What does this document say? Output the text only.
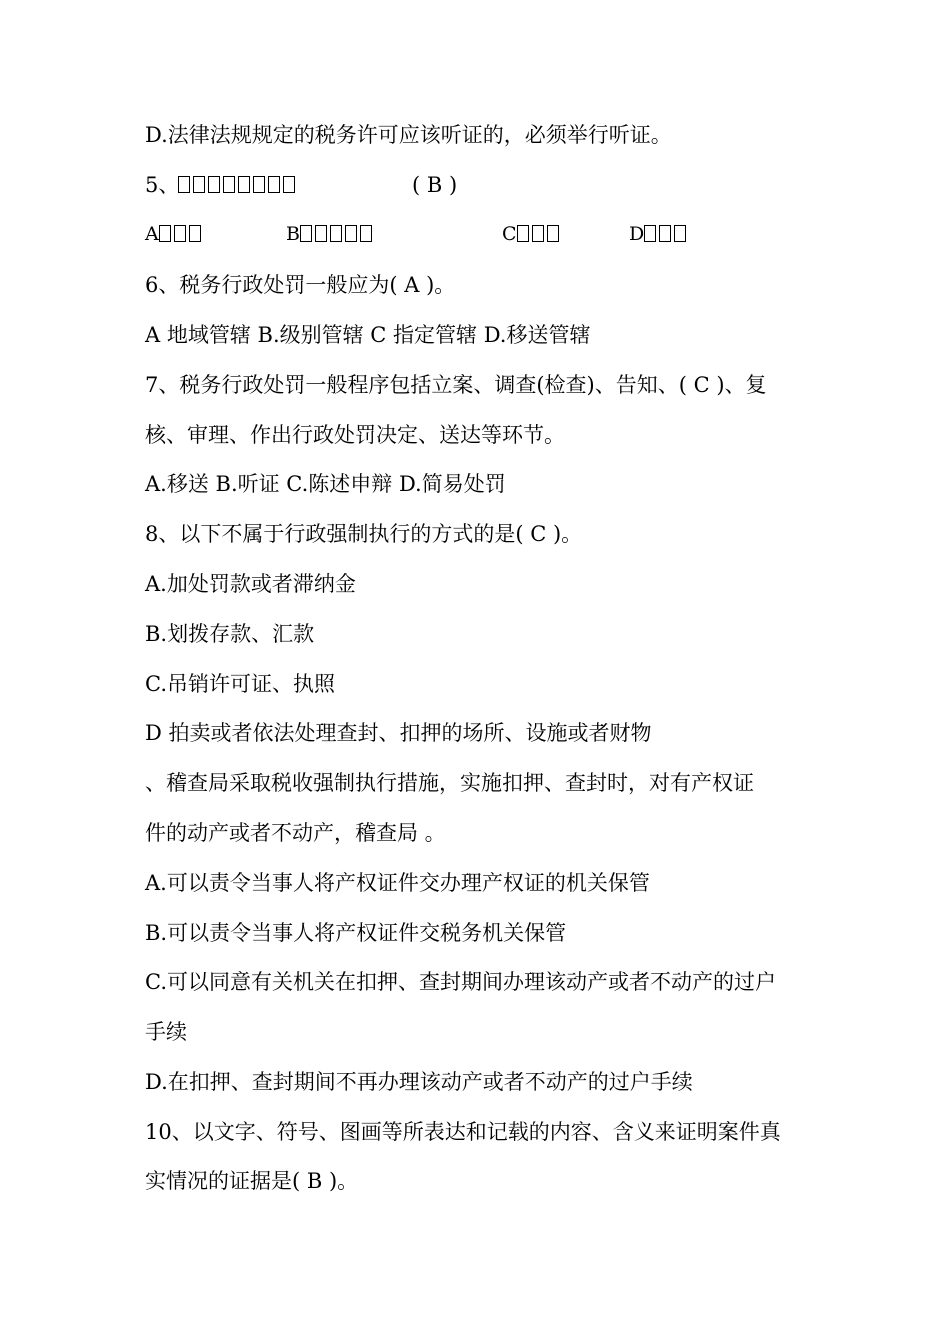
D.法律法规规定的税务许可应该听证的，必须举行听证。
5、	( B )
A	B	C	D
6、税务行政处罚一般应为( A )。
A 地域管辖 B.级别管辖 C 指定管辖 D.移送管辖
7、税务行政处罚一般程序包括立案、调查(检查)、告知、( C )、复
核、审理、作出行政处罚决定、送达等环节。
A.移送 B.听证 C.陈述申辩 D.简易处罚
8、以下不属于行政强制执行的方式的是( C )。
A.加处罚款或者滞纳金
B.划拨存款、汇款
C.吊销许可证、执照
D 拍卖或者依法处理查封、扣押的场所、设施或者财物
、稽查局采取税收强制执行措施，实施扣押、查封时，对有产权证
件的动产或者不动产，稽查局 。
A.可以责令当事人将产权证件交办理产权证的机关保管
B.可以责令当事人将产权证件交税务机关保管
C.可以同意有关机关在扣押、查封期间办理该动产或者不动产的过户
手续
D.在扣押、查封期间不再办理该动产或者不动产的过户手续
10、以文字、符号、图画等所表达和记载的内容、含义来证明案件真
实情况的证据是( B )。
